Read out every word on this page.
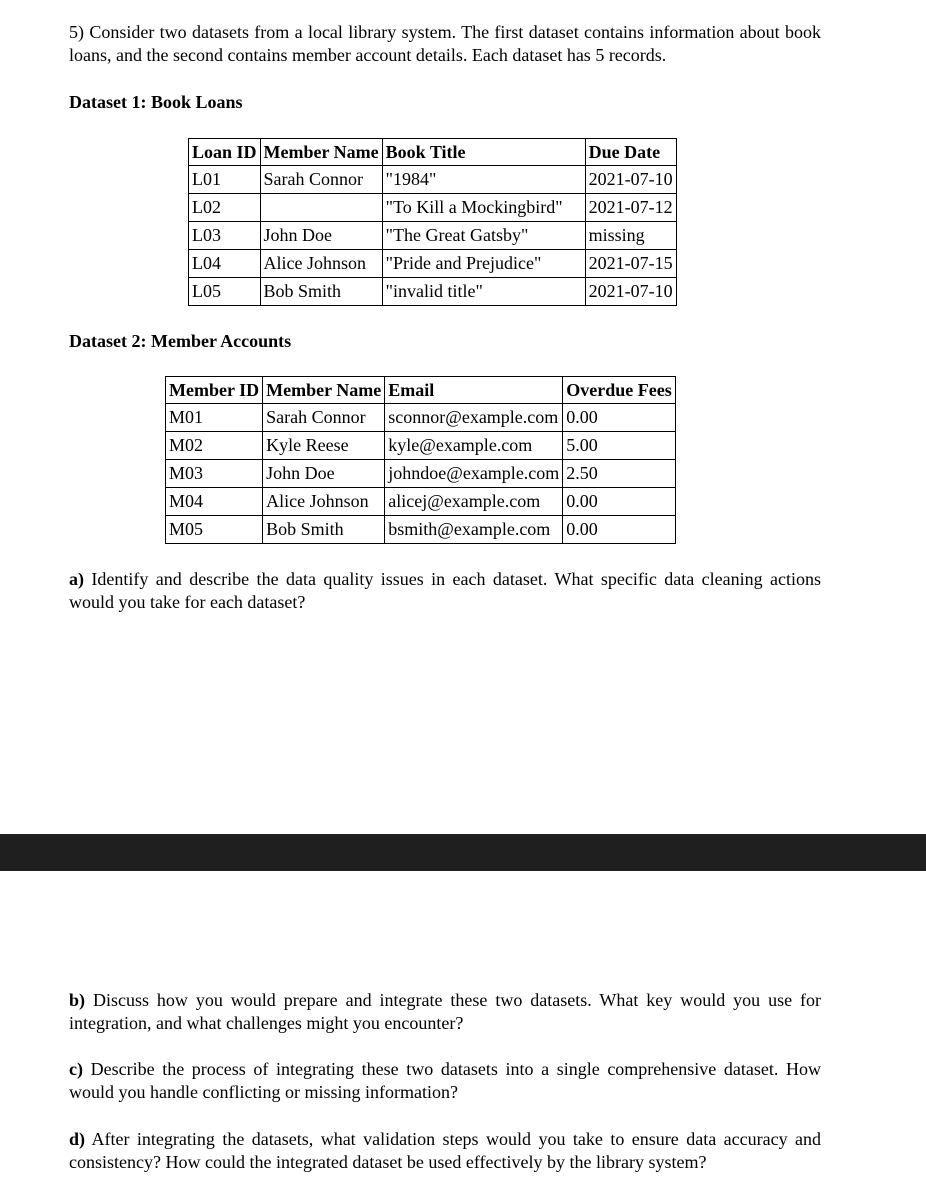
5) Consider two datasets from a local library system. The first dataset contains information about book loans, and the second contains member account details. Each dataset has 5 records.

Dataset 1: Book Loans
Loan ID	Member Name	Book Title	Due Date
L01	Sarah Connor	"1984"	2021-07-10
L02		"To Kill a Mockingbird"	2021-07-12
L03	John Doe	"The Great Gatsby"	missing
L04	Alice Johnson	"Pride and Prejudice"	2021-07-15
L05	Bob Smith	"invalid title"	2021-07-10
Dataset 2: Member Accounts
Member ID	Member Name	Email	Overdue Fees
M01	Sarah Connor	sconnor@example.com	0.00
M02	Kyle Reese	kyle@example.com	5.00
M03	John Doe	johndoe@example.com	2.50
M04	Alice Johnson	alicej@example.com	0.00
M05	Bob Smith	bsmith@example.com	0.00

a) Identify and describe the data quality issues in each dataset. What specific data cleaning actions would you take for each dataset?

b) Discuss how you would prepare and integrate these two datasets. What key would you use for integration, and what challenges might you encounter?

c) Describe the process of integrating these two datasets into a single comprehensive dataset. How would you handle conflicting or missing information?

d) After integrating the datasets, what validation steps would you take to ensure data accuracy and consistency? How could the integrated dataset be used effectively by the library system?
